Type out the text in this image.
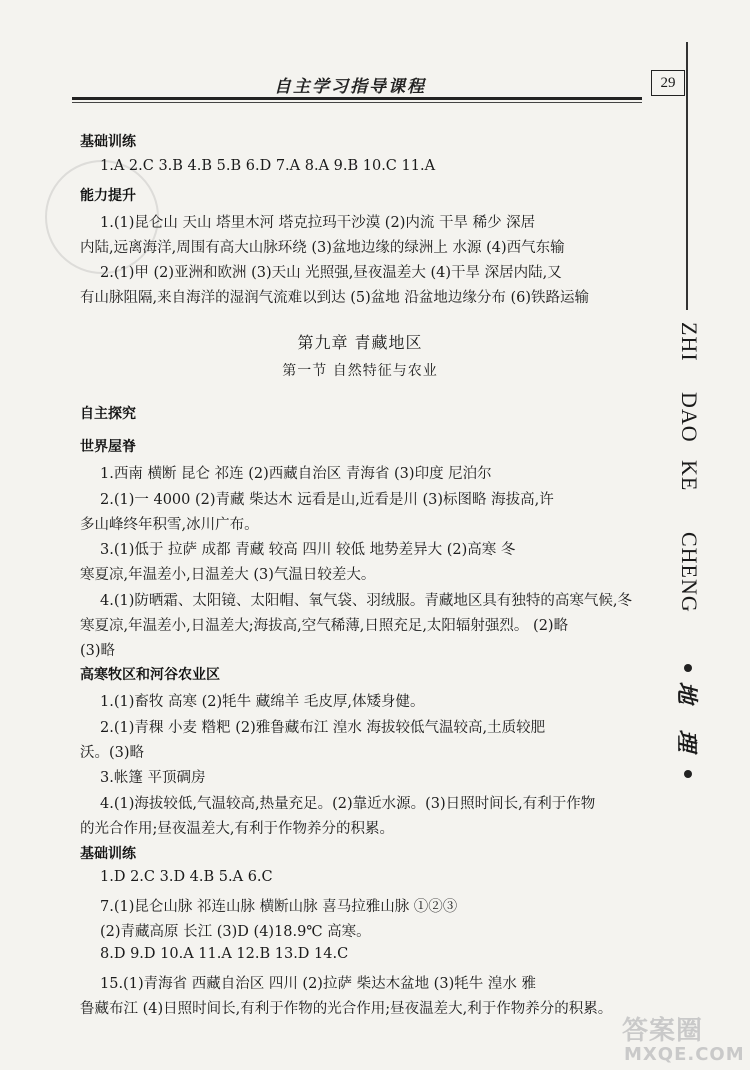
自主学习指导课程	29
第九章 青藏地区
第一节 自然特征与农业
基础训练
1.A 2.C 3.B 4.B 5.B 6.D 7.A 8.A 9.B 10.C 11.A
能力提升
1.(1)昆仑山 天山 塔里木河 塔克拉玛干沙漠 (2)内流 干旱 稀少 深居
内陆,远离海洋,周围有高大山脉环绕 (3)盆地边缘的绿洲上 水源 (4)西气东输
2.(1)甲 (2)亚洲和欧洲 (3)天山 光照强,昼夜温差大 (4)干旱 深居内陆,又
有山脉阻隔,来自海洋的湿润气流难以到达 (5)盆地 沿盆地边缘分布 (6)铁路运输
自主探究
世界屋脊
1.西南 横断 昆仑 祁连 (2)西藏自治区 青海省 (3)印度 尼泊尔
2.(1)一 4000 (2)青藏 柴达木 远看是山,近看是川 (3)标图略 海拔高,许
多山峰终年积雪,冰川广布。
3.(1)低于 拉萨 成都 青藏 较高 四川 较低 地势差异大 (2)高寒 冬
寒夏凉,年温差小,日温差大 (3)气温日较差大。
4.(1)防晒霜、太阳镜、太阳帽、氧气袋、羽绒服。青藏地区具有独特的高寒气候,冬
寒夏凉,年温差小,日温差大;海拔高,空气稀薄,日照充足,太阳辐射强烈。 (2)略
(3)略
高寒牧区和河谷农业区
1.(1)畜牧 高寒 (2)牦牛 藏绵羊 毛皮厚,体矮身健。
2.(1)青稞 小麦 糌粑 (2)雅鲁藏布江 湟水 海拔较低气温较高,土质较肥
沃。(3)略
3.帐篷 平顶碉房
4.(1)海拔较低,气温较高,热量充足。(2)靠近水源。(3)日照时间长,有利于作物
的光合作用;昼夜温差大,有利于作物养分的积累。
基础训练
1.D 2.C 3.D 4.B 5.A 6.C
7.(1)昆仑山脉 祁连山脉 横断山脉 喜马拉雅山脉 ①②③
(2)青藏高原 长江 (3)D (4)18.9℃ 高寒。
8.D 9.D 10.A 11.A 12.B 13.D 14.C
15.(1)青海省 西藏自治区 四川 (2)拉萨 柴达木盆地 (3)牦牛 湟水 雅
鲁藏布江 (4)日照时间长,有利于作物的光合作用;昼夜温差大,利于作物养分的积累。
ZHI
DAO
KE
CHENG
地
理
答案圈
MXQE.COM
